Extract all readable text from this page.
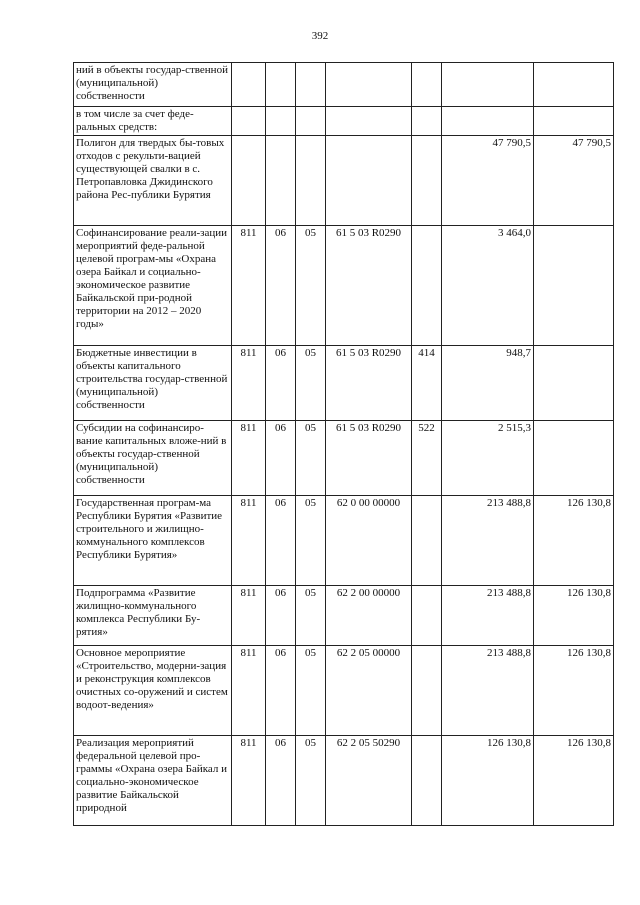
392
ний в объекты государ-ственной (муниципальной) собственности							
в том числе за счет феде-ральных средств:							
Полигон для твердых бы-товых отходов с рекульти-вацией существующей свалки в с. Петропавловка Джидинского района Рес-публики Бурятия						47 790,5	47 790,5
Софинансирование реали-зации мероприятий феде-ральной целевой програм-мы «Охрана озера Байкал и социально-экономическое развитие Байкальской при-родной территории на 2012 – 2020 годы»	811	06	05	61 5 03 R0290		3 464,0	
Бюджетные инвестиции в объекты капитального строительства государ-ственной (муниципальной) собственности	811	06	05	61 5 03 R0290	414	948,7	
Субсидии на софинансиро-вание капитальных вложе-ний в объекты государ-ственной (муниципальной) собственности	811	06	05	61 5 03 R0290	522	2 515,3	
Государственная програм-ма Республики Бурятия «Развитие строительного и жилищно-коммунального комплексов Республики Бурятия»	811	06	05	62 0 00 00000		213 488,8	126 130,8
Подпрограмма «Развитие жилищно-коммунального комплекса Республики Бу-рятия»	811	06	05	62 2 00 00000		213 488,8	126 130,8
Основное мероприятие «Строительство, модерни-зация и реконструкция комплексов очистных со-оружений и систем водоот-ведения»	811	06	05	62 2 05 00000		213 488,8	126 130,8
Реализация мероприятий федеральной целевой про-граммы «Охрана озера Байкал и социально-экономическое развитие Байкальской природной	811	06	05	62 2 05 50290		126 130,8	126 130,8
